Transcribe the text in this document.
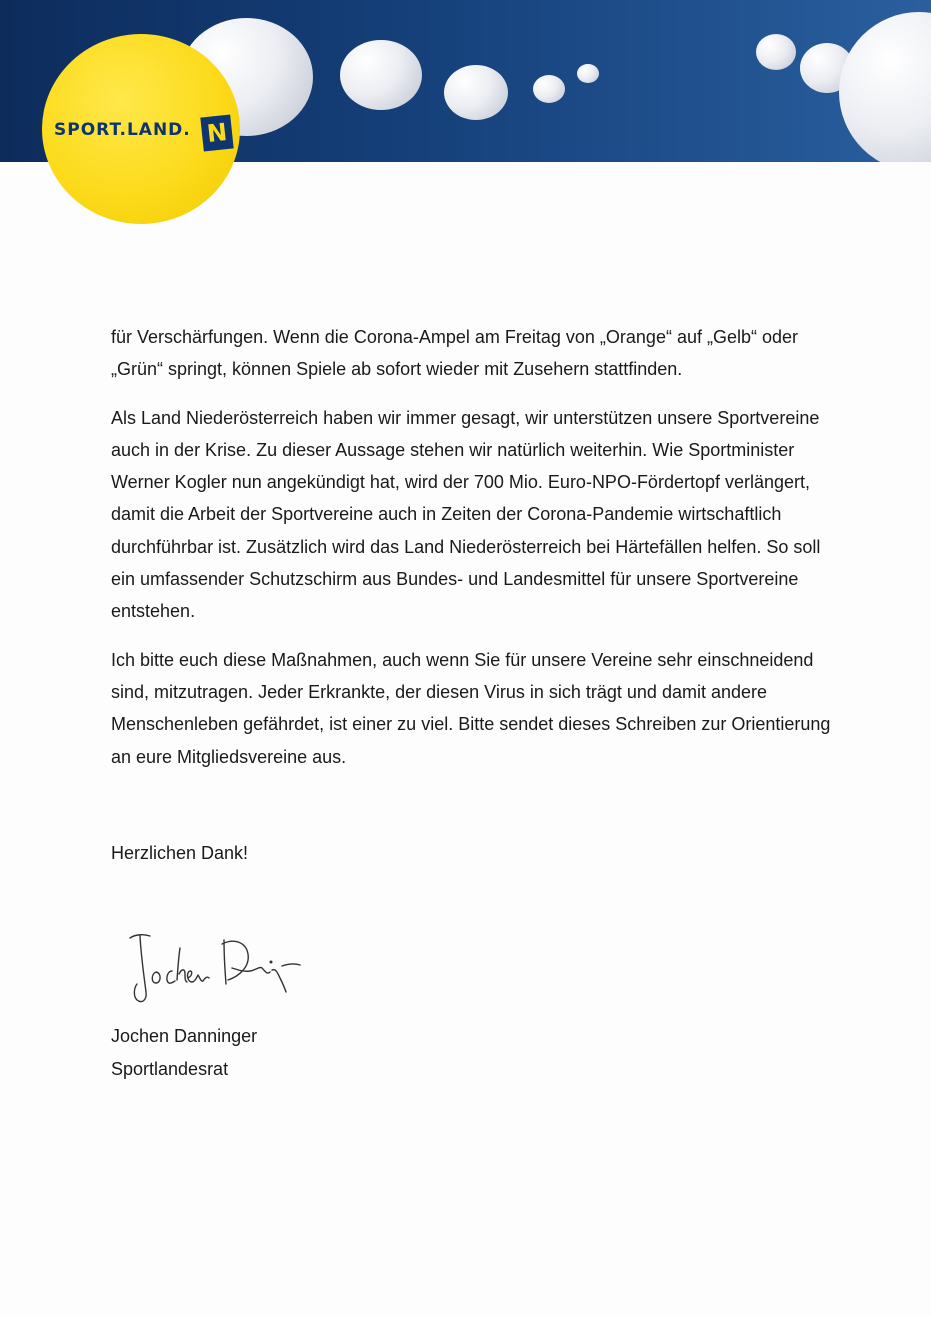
SPORT.LAND. N

für Verschärfungen. Wenn die Corona-Ampel am Freitag von „Orange“ auf „Gelb“ oder „Grün“ springt, können Spiele ab sofort wieder mit Zusehern stattfinden.

Als Land Niederösterreich haben wir immer gesagt, wir unterstützen unsere Sportvereine auch in der Krise. Zu dieser Aussage stehen wir natürlich weiterhin. Wie Sportminister Werner Kogler nun angekündigt hat, wird der 700 Mio. Euro-NPO-Fördertopf verlängert, damit die Arbeit der Sportvereine auch in Zeiten der Corona-Pandemie wirtschaftlich durchführbar ist. Zusätzlich wird das Land Niederösterreich bei Härtefällen helfen. So soll ein umfassender Schutzschirm aus Bundes- und Landesmittel für unsere Sportvereine entstehen.

Ich bitte euch diese Maßnahmen, auch wenn Sie für unsere Vereine sehr einschneidend sind, mitzutragen. Jeder Erkrankte, der diesen Virus in sich trägt und damit andere Menschenleben gefährdet, ist einer zu viel. Bitte sendet dieses Schreiben zur Orientierung an eure Mitgliedsvereine aus.

Herzlichen Dank!

Jochen Danninger
Sportlandesrat
